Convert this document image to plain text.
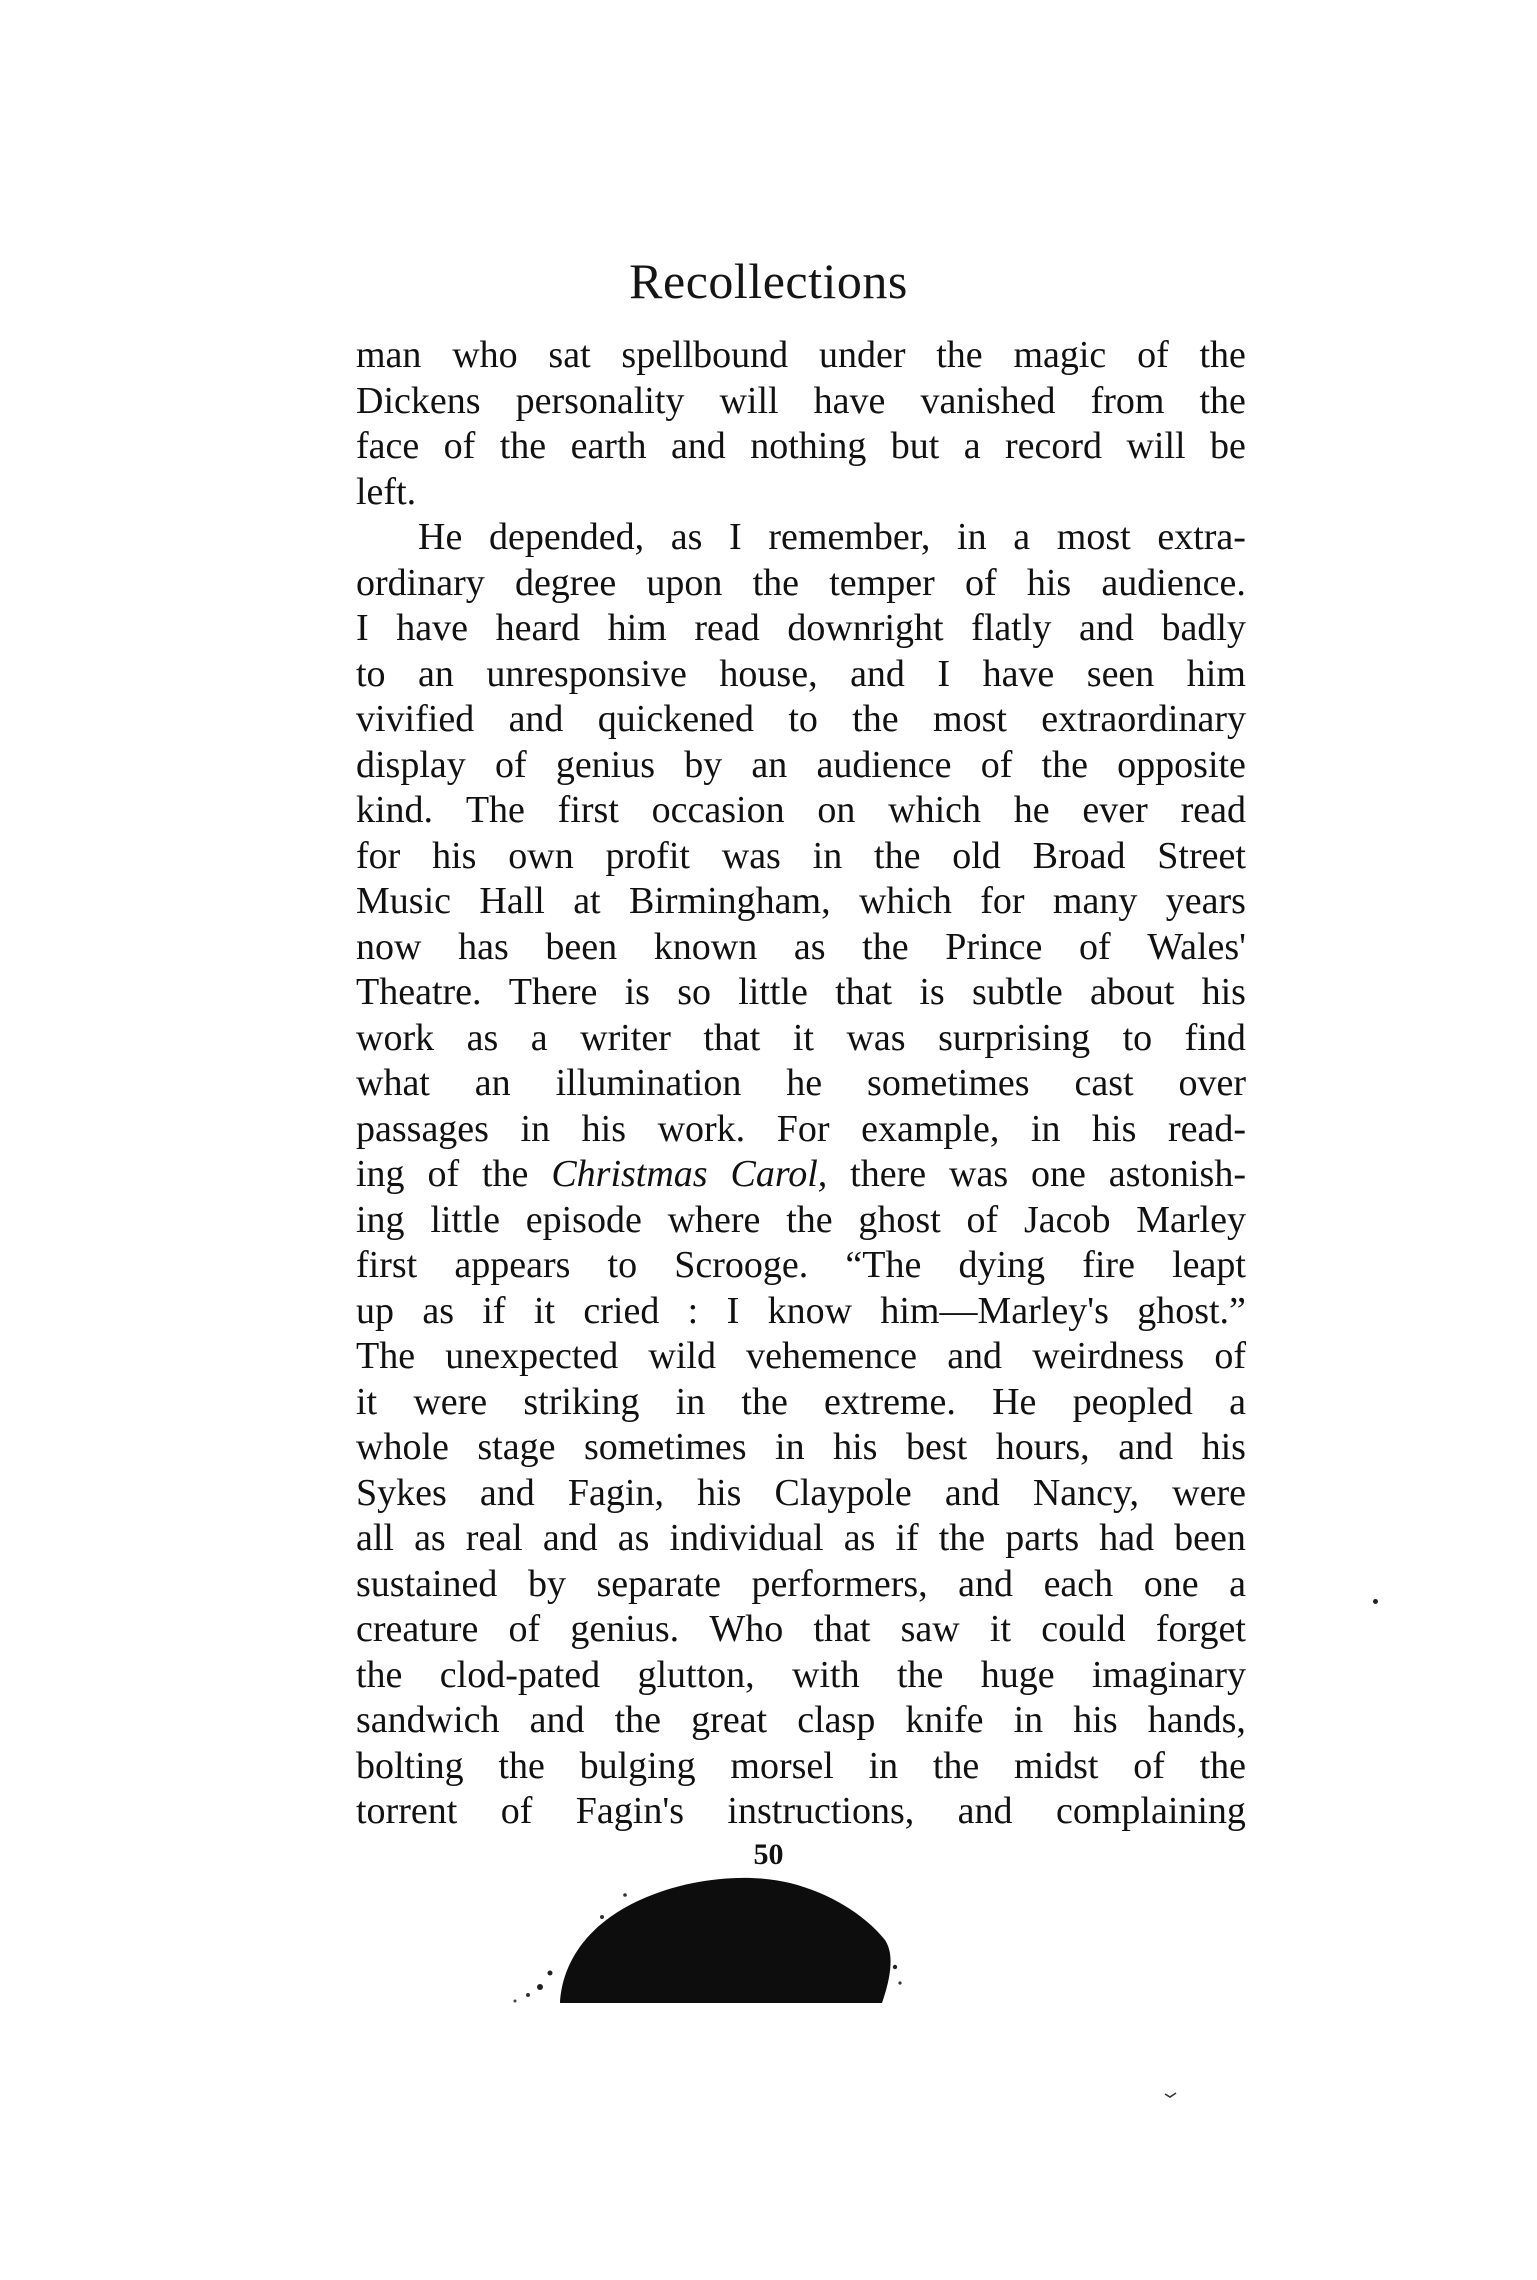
Recollections
man who sat spellbound under the magic of the
Dickens personality will have vanished from the
face of the earth and nothing but a record will be
left.
He depended, as I remember, in a most extra-
ordinary degree upon the temper of his audience.
I have heard him read downright flatly and badly
to an unresponsive house, and I have seen him
vivified and quickened to the most extraordinary
display of genius by an audience of the opposite
kind. The first occasion on which he ever read
for his own profit was in the old Broad Street
Music Hall at Birmingham, which for many years
now has been known as the Prince of Wales'
Theatre. There is so little that is subtle about his
work as a writer that it was surprising to find
what an illumination he sometimes cast over
passages in his work. For example, in his read-
ing of the Christmas Carol, there was one astonish-
ing little episode where the ghost of Jacob Marley
first appears to Scrooge. “The dying fire leapt
up as if it cried : I know him—Marley's ghost.”
The unexpected wild vehemence and weirdness of
it were striking in the extreme. He peopled a
whole stage sometimes in his best hours, and his
Sykes and Fagin, his Claypole and Nancy, were
all as real and as individual as if the parts had been
sustained by separate performers, and each one a
creature of genius. Who that saw it could forget
the clod-pated glutton, with the huge imaginary
sandwich and the great clasp knife in his hands,
bolting the bulging morsel in the midst of the
torrent of Fagin's instructions, and complaining
50
